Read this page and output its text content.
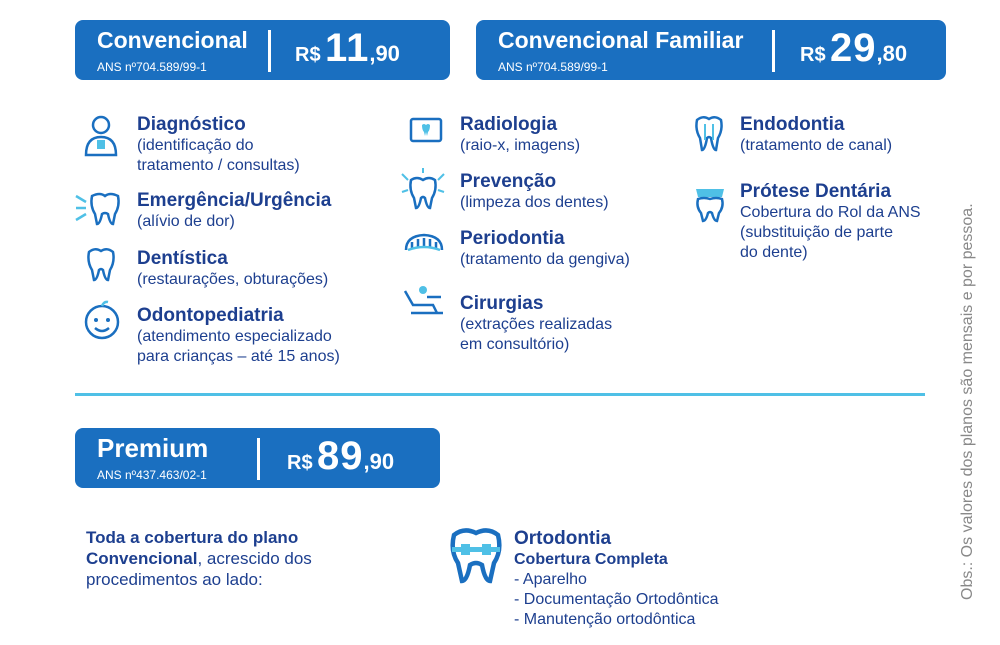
Convencional
ANS nº704.589/99-1
R$ 11,90
Convencional Familiar
ANS nº704.589/99-1
R$ 29,80
Diagnóstico
(identificação do
tratamento / consultas)
Emergência/Urgência
(alívio de dor)
Dentística
(restaurações, obturações)
Odontopediatria
(atendimento especializado
para crianças – até 15 anos)
Radiologia
(raio-x, imagens)
Prevenção
(limpeza dos dentes)
Periodontia
(tratamento da gengiva)
Cirurgias
(extrações realizadas
em consultório)
Endodontia
(tratamento de canal)
Prótese Dentária
Cobertura do Rol da ANS
(substituição de parte
do dente)
Premium
ANS nº437.463/02-1
R$ 89,90
Toda a cobertura do plano
Convencional, acrescido dos
procedimentos ao lado:
Ortodontia
Cobertura Completa
- Aparelho
- Documentação Ortodôntica
- Manutenção ortodôntica
Obs.: Os valores dos planos são mensais e por pessoa.
